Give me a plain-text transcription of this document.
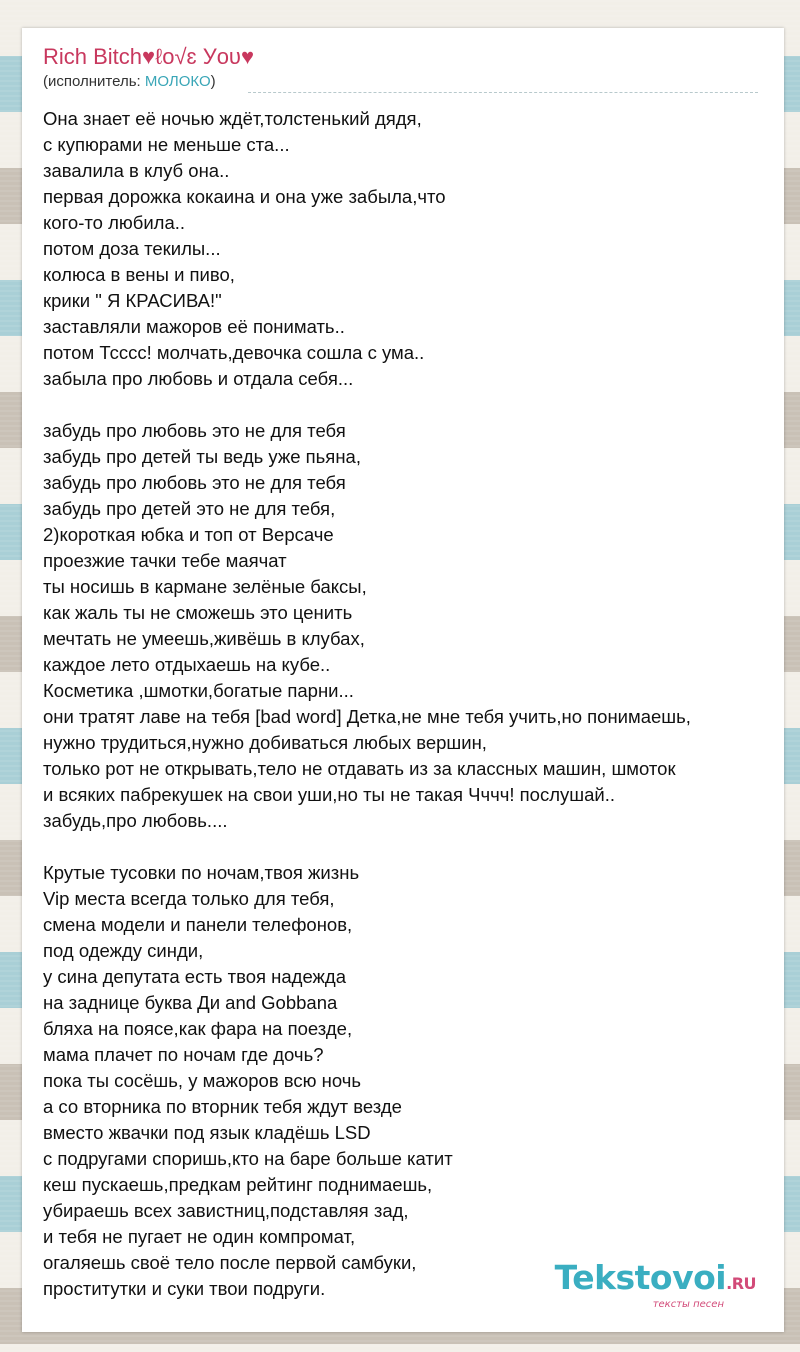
Rich Bitch♥ℓο√ɛ Уου♥
(исполнитель: МОЛОКО)
Она знает её ночью ждёт,толстенький дядя,
с купюрами не меньше ста...
завалила в клуб она..
первая дорожка кокаина и она уже забыла,что
кого-то любила..
потом доза текилы...
колюса в вены и пиво,
крики " Я КРАСИВА!"
заставляли мажоров её понимать..
потом Тсссс! молчать,девочка сошла с ума..
забыла про любовь и отдала себя...

забудь про любовь это не для тебя
забудь про детей ты ведь уже пьяна,
забудь про любовь это не для тебя
забудь про детей это не для тебя,
2)короткая юбка и топ от Версаче
проезжие тачки тебе маячат
ты носишь в кармане зелёные баксы,
как жаль ты не сможешь это ценить
мечтать не умеешь,живёшь в клубах,
каждое лето отдыхаешь на кубе..
Косметика ,шмотки,богатые парни...
они тратят лаве на тебя [bad word] Детка,не мне тебя учить,но понимаешь,
нужно трудиться,нужно добиваться любых вершин,
только рот не открывать,тело не отдавать из за классных машин, шмоток
и всяких пабрекушек на свои уши,но ты не такая Чччч! послушай..
забудь,про любовь....

Крутые тусовки по ночам,твоя жизнь
Vip места всегда только для тебя,
смена модели и панели телефонов,
под одежду синди,
у сина депутата есть твоя надежда
на заднице буква Ди and Gobbana
бляха на поясе,как фара на поезде,
мама плачет по ночам где дочь?
пока ты сосёшь, у мажоров всю ночь
а со вторника по вторник тебя ждут везде
вместо жвачки под язык кладёшь LSD
с подругами споришь,кто на баре больше катит
кеш пускаешь,предкам рейтинг поднимаешь,
убираешь всех завистниц,подставляя зад,
и тебя не пугает не один компромат,
огаляешь своё тело после первой самбуки,
проститутки и суки твои подруги.	Tekstovoi.RU
тексты песен
